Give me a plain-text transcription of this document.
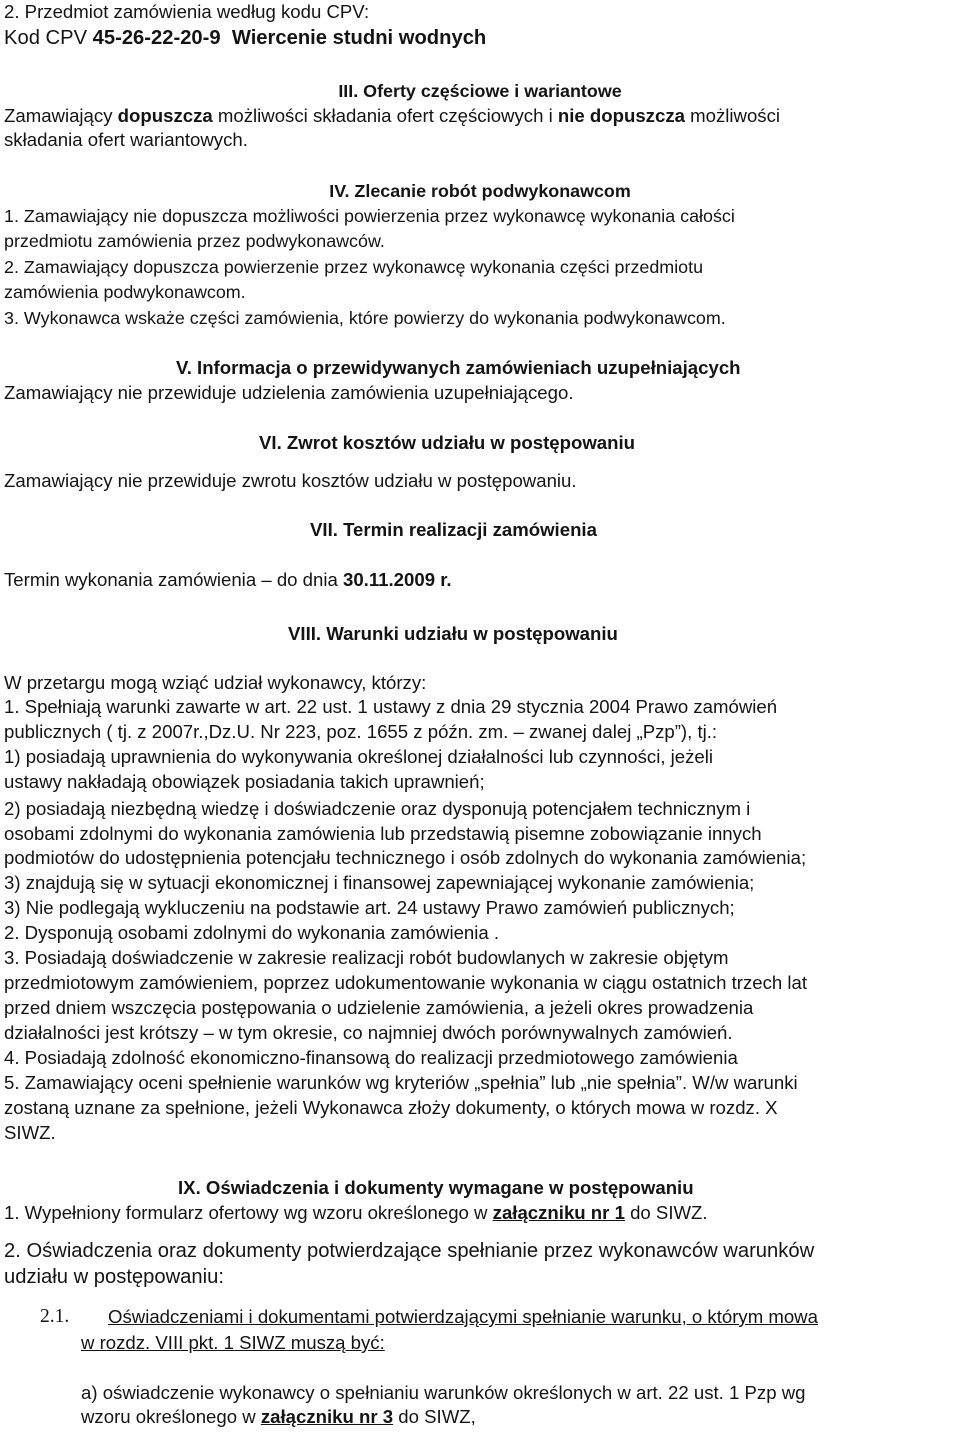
2. Przedmiot zamówienia według kodu CPV:
Kod CPV 45-26-22-20-9 Wiercenie studni wodnych
III. Oferty częściowe i wariantowe
Zamawiający dopuszcza możliwości składania ofert częściowych i nie dopuszcza możliwości
składania ofert wariantowych.
IV. Zlecanie robót podwykonawcom
1. Zamawiający nie dopuszcza możliwości powierzenia przez wykonawcę wykonania całości
przedmiotu zamówienia przez podwykonawców.
2. Zamawiający dopuszcza powierzenie przez wykonawcę wykonania części przedmiotu
zamówienia podwykonawcom.
3. Wykonawca wskaże części zamówienia, które powierzy do wykonania podwykonawcom.
V. Informacja o przewidywanych zamówieniach uzupełniających
Zamawiający nie przewiduje udzielenia zamówienia uzupełniającego.
VI. Zwrot kosztów udziału w postępowaniu
Zamawiający nie przewiduje zwrotu kosztów udziału w postępowaniu.
VII. Termin realizacji zamówienia
Termin wykonania zamówienia – do dnia 30.11.2009 r.
VIII. Warunki udziału w postępowaniu
W przetargu mogą wziąć udział wykonawcy, którzy:
1. Spełniają warunki zawarte w art. 22 ust. 1 ustawy z dnia 29 stycznia 2004 Prawo zamówień
publicznych ( tj. z 2007r.,Dz.U. Nr 223, poz. 1655 z późn. zm. – zwanej dalej „Pzp”), tj.:
1) posiadają uprawnienia do wykonywania określonej działalności lub czynności, jeżeli
ustawy nakładają obowiązek posiadania takich uprawnień;
2) posiadają niezbędną wiedzę i doświadczenie oraz dysponują potencjałem technicznym i
osobami zdolnymi do wykonania zamówienia lub przedstawią pisemne zobowiązanie innych
podmiotów do udostępnienia potencjału technicznego i osób zdolnych do wykonania zamówienia;
3) znajdują się w sytuacji ekonomicznej i finansowej zapewniającej wykonanie zamówienia;
3) Nie podlegają wykluczeniu na podstawie art. 24 ustawy Prawo zamówień publicznych;
2. Dysponują osobami zdolnymi do wykonania zamówienia .
3. Posiadają doświadczenie w zakresie realizacji robót budowlanych w zakresie objętym
przedmiotowym zamówieniem, poprzez udokumentowanie wykonania w ciągu ostatnich trzech lat
przed dniem wszczęcia postępowania o udzielenie zamówienia, a jeżeli okres prowadzenia
działalności jest krótszy – w tym okresie, co najmniej dwóch porównywalnych zamówień.
4. Posiadają zdolność ekonomiczno-finansową do realizacji przedmiotowego zamówienia
5. Zamawiający oceni spełnienie warunków wg kryteriów „spełnia” lub „nie spełnia”. W/w warunki
zostaną uznane za spełnione, jeżeli Wykonawca złoży dokumenty, o których mowa w rozdz. X
SIWZ.
IX. Oświadczenia i dokumenty wymagane w postępowaniu
1. Wypełniony formularz ofertowy wg wzoru określonego w załączniku nr 1 do SIWZ.
2. Oświadczenia oraz dokumenty potwierdzające spełnianie przez wykonawców warunków
udziału w postępowaniu:
2.1. Oświadczeniami i dokumentami potwierdzającymi spełnianie warunku, o którym mowa
w rozdz. VIII pkt. 1 SIWZ muszą być:
a) oświadczenie wykonawcy o spełnianiu warunków określonych w art. 22 ust. 1 Pzp wg
wzoru określonego w załączniku nr 3 do SIWZ,
